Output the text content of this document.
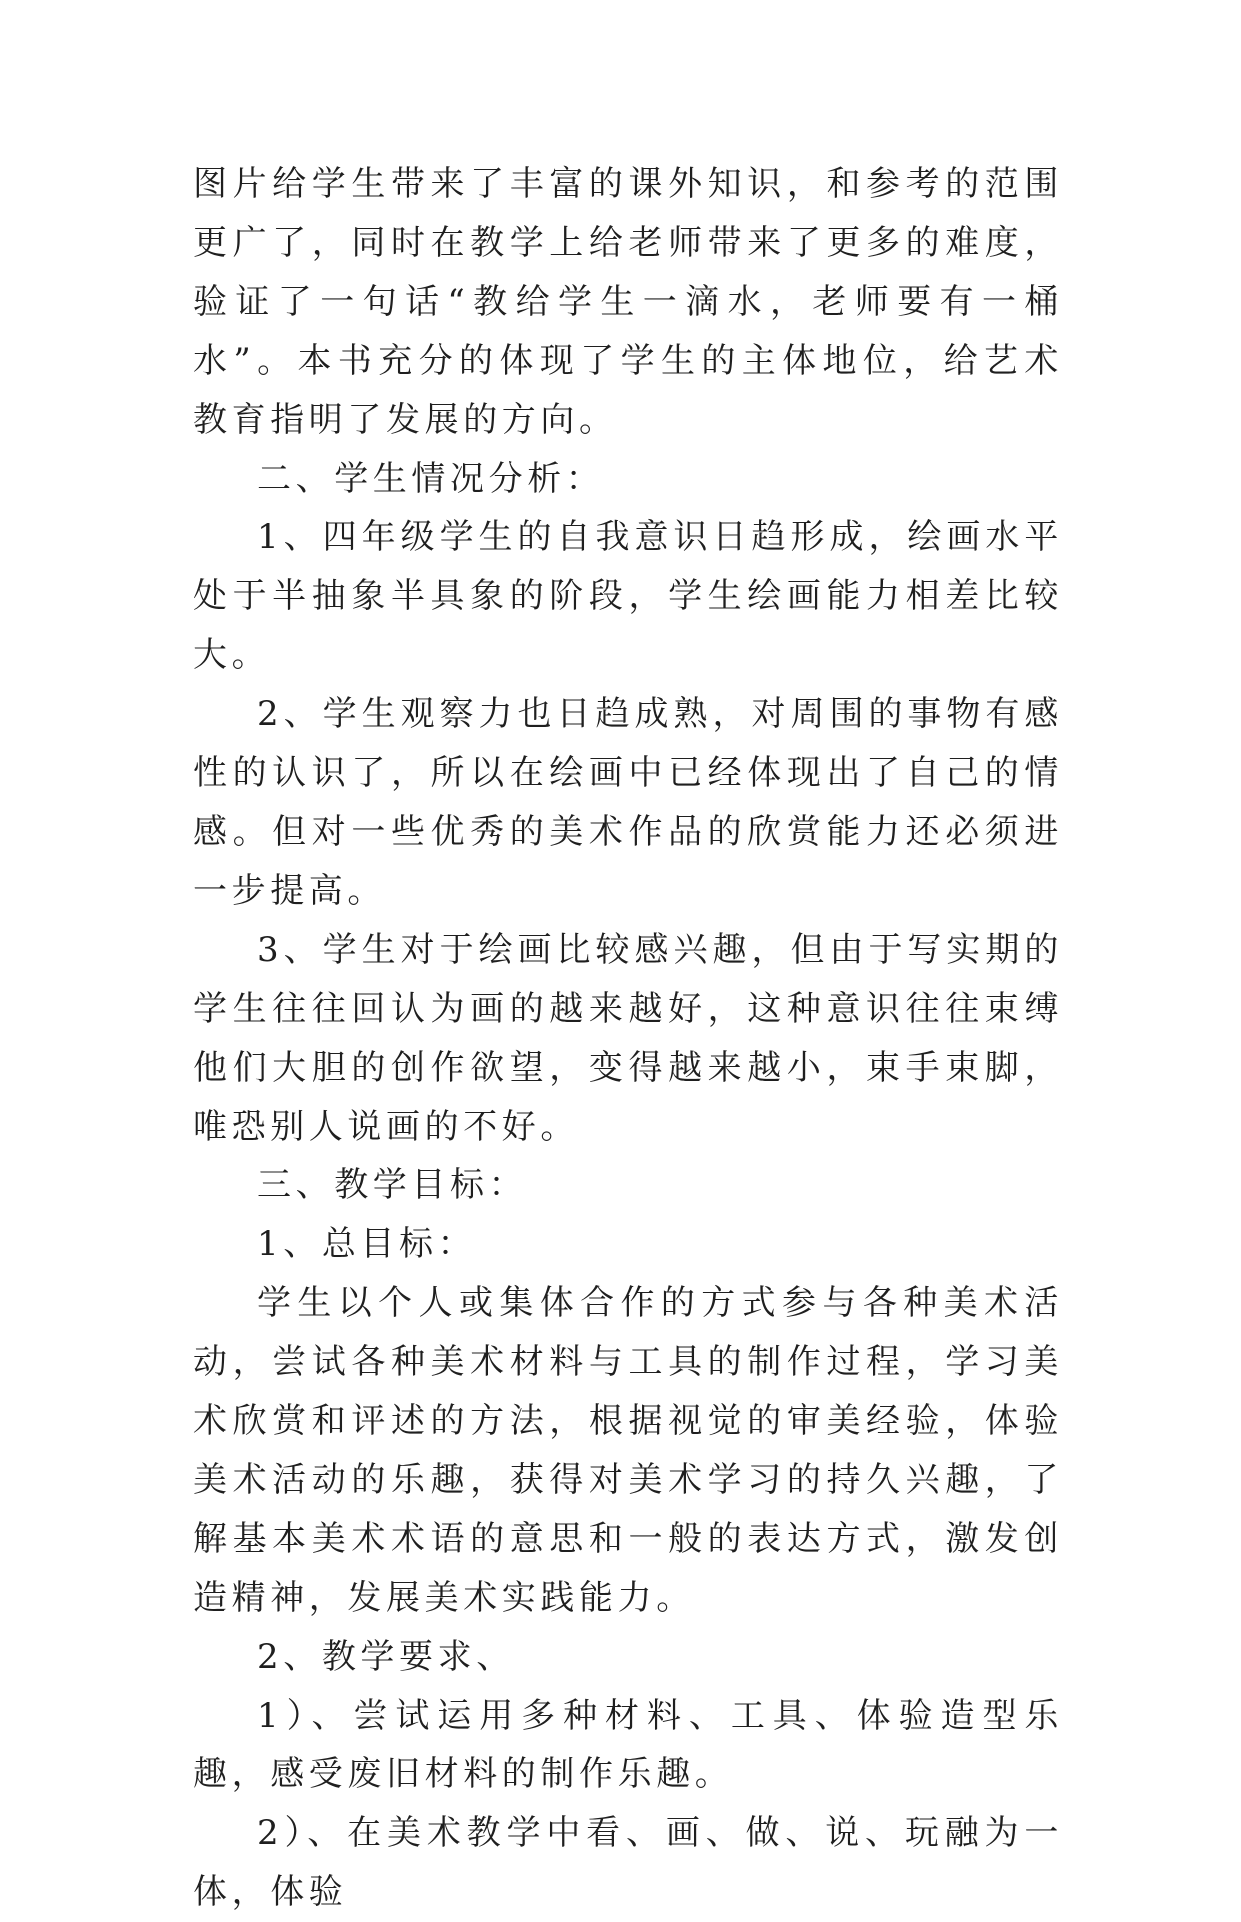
图片给学生带来了丰富的课外知识，和参考的范围更广了，同时在教学上给老师带来了更多的难度，验证了一句话“教给学生一滴水，老师要有一桶水”。本书充分的体现了学生的主体地位，给艺术教育指明了发展的方向。

二、学生情况分析：

1、四年级学生的自我意识日趋形成，绘画水平处于半抽象半具象的阶段，学生绘画能力相差比较大。

2、学生观察力也日趋成熟，对周围的事物有感性的认识了，所以在绘画中已经体现出了自己的情感。但对一些优秀的美术作品的欣赏能力还必须进一步提高。

3、学生对于绘画比较感兴趣，但由于写实期的学生往往回认为画的越来越好，这种意识往往束缚他们大胆的创作欲望，变得越来越小，束手束脚，唯恐别人说画的不好。

三、教学目标：

1、总目标：

学生以个人或集体合作的方式参与各种美术活动，尝试各种美术材料与工具的制作过程，学习美术欣赏和评述的方法，根据视觉的审美经验，体验美术活动的乐趣，获得对美术学习的持久兴趣，了解基本美术术语的意思和一般的表达方式，激发创造精神，发展美术实践能力。

2、教学要求、

1）、尝试运用多种材料、工具、体验造型乐趣，感受废旧材料的制作乐趣。

2）、在美术教学中看、画、做、说、玩融为一体，体验
